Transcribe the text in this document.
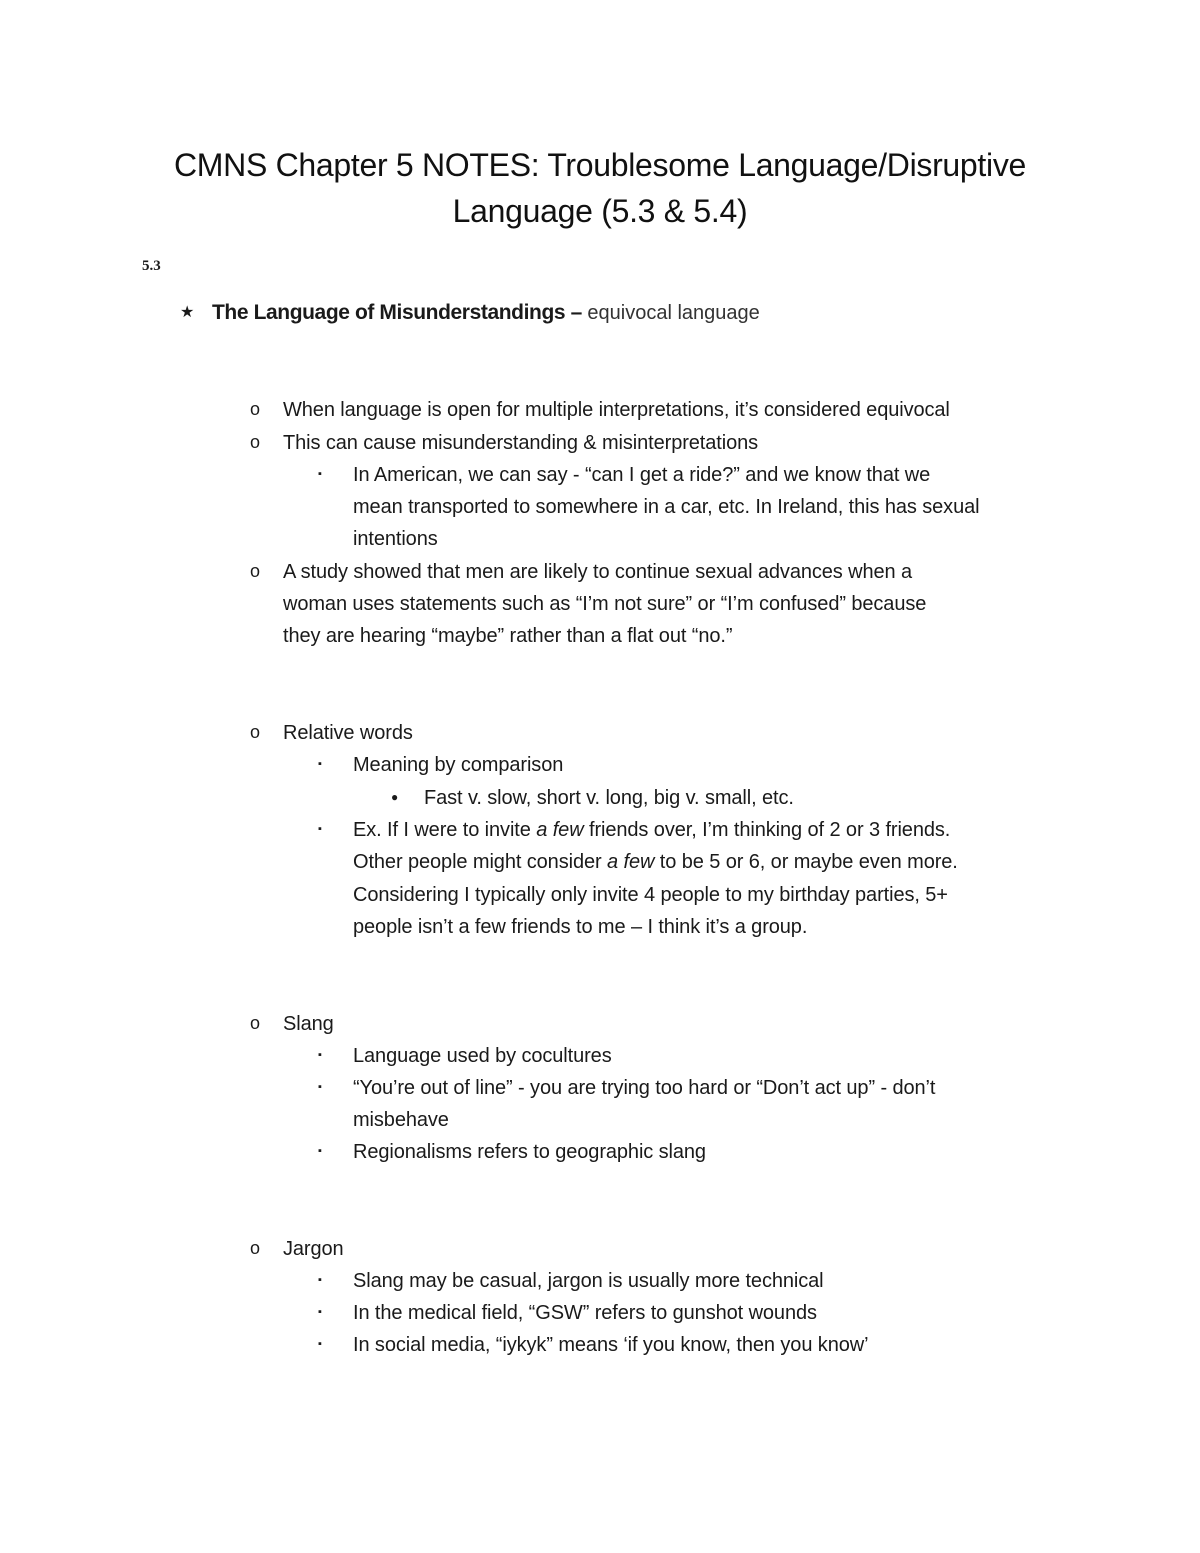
CMNS Chapter 5 NOTES: Troublesome Language/Disruptive
Language (5.3 & 5.4)
5.3
★ The Language of Misunderstandings – equivocal language
o When language is open for multiple interpretations, it’s considered equivocal
o This can cause misunderstanding & misinterpretations
▪ In American, we can say - “can I get a ride?” and we know that we
mean transported to somewhere in a car, etc. In Ireland, this has sexual
intentions
o A study showed that men are likely to continue sexual advances when a
woman uses statements such as “I’m not sure” or “I’m confused” because
they are hearing “maybe” rather than a flat out “no.”
o Relative words
▪ Meaning by comparison
● Fast v. slow, short v. long, big v. small, etc.
▪ Ex. If I were to invite a few friends over, I’m thinking of 2 or 3 friends.
Other people might consider a few to be 5 or 6, or maybe even more.
Considering I typically only invite 4 people to my birthday parties, 5+
people isn’t a few friends to me – I think it’s a group.
o Slang
▪ Language used by cocultures
▪ “You’re out of line” - you are trying too hard or “Don’t act up” - don’t
misbehave
▪ Regionalisms refers to geographic slang
o Jargon
▪ Slang may be casual, jargon is usually more technical
▪ In the medical field, “GSW” refers to gunshot wounds
▪ In social media, “iykyk” means ‘if you know, then you know’
